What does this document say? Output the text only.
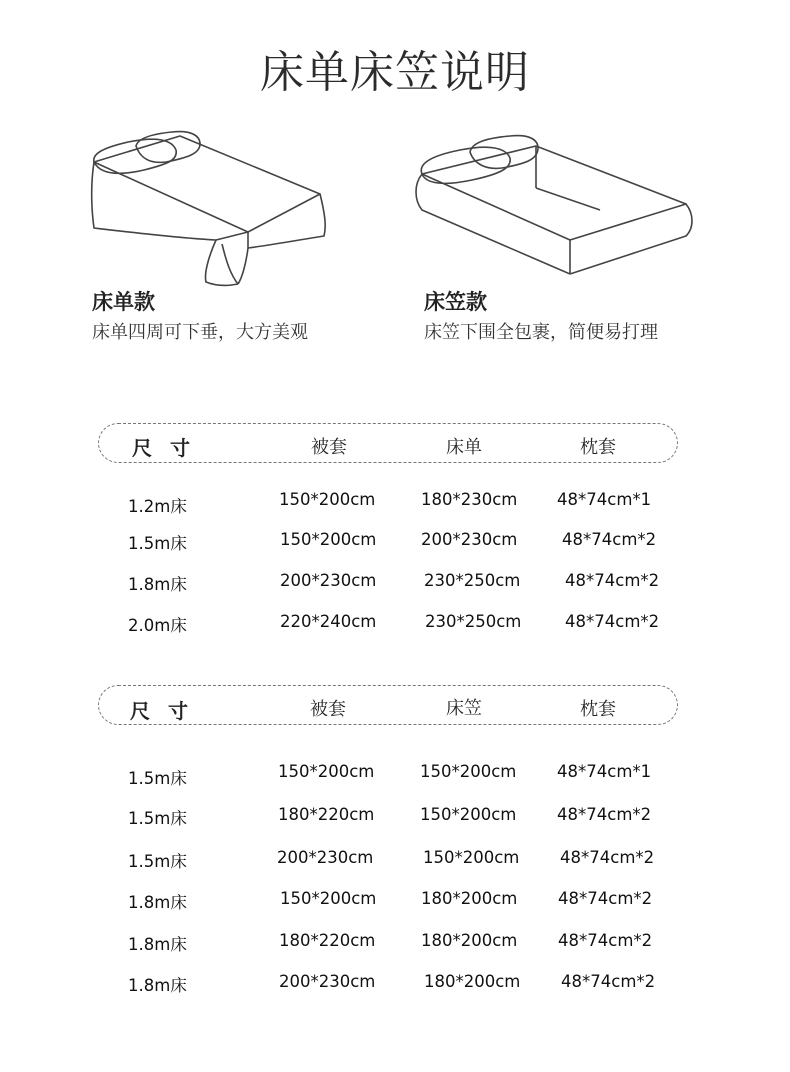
床单床笠说明
床单款
床单四周可下垂，大方美观
床笠款
床笠下围全包裹，简便易打理
尺寸	被套	床单	枕套
1.2m床	150*200cm	180*230cm 48*74cm*1
1.5m床	150*200cm	200*230cm	48*74cm*2
1.8m床	200*230cm	230*250cm	48*74cm*2
2.0m床	220*240cm	230*250cm	48*74cm*2
尺寸	被套	床笠	枕套
1.5m床	150*200cm	150*200cm 48*74cm*1
1.5m床	180*220cm	150*200cm 48*74cm*2
1.5m床	200*230cm	150*200cm 48*74cm*2
1.8m床	150*200cm	180*200cm 48*74cm*2
1.8m床	180*220cm	180*200cm 48*74cm*2
1.8m床	200*230cm	180*200cm 48*74cm*2
